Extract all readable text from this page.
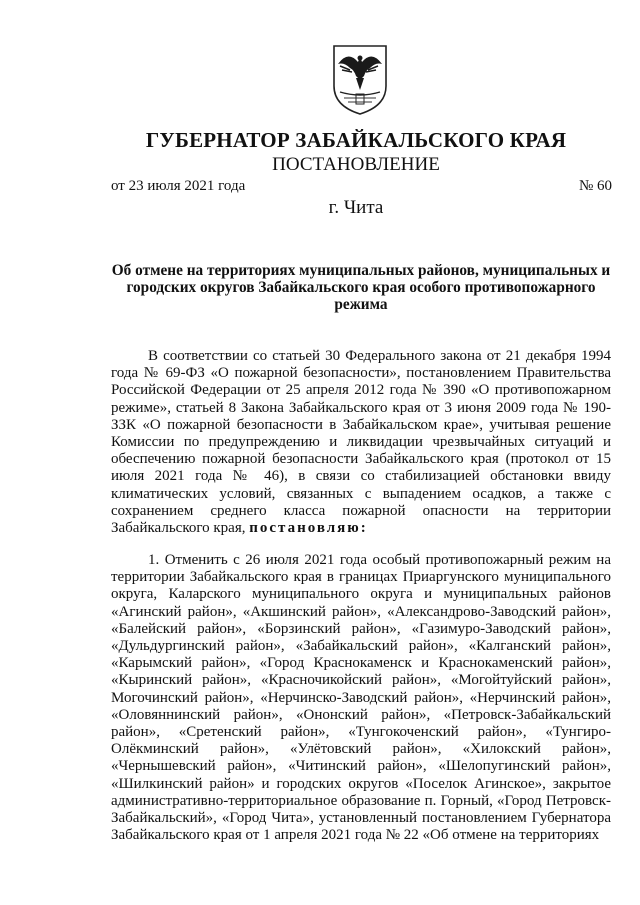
ГУБЕРНАТОР ЗАБАЙКАЛЬСКОГО КРАЯ
ПОСТАНОВЛЕНИЕ
от 23 июля 2021 года	№ 60
г. Чита
Об отмене на территориях муниципальных районов, муниципальных и городских округов Забайкальского края особого противопожарного режима
В соответствии со статьей 30 Федерального закона от 21 декабря 1994 года № 69-ФЗ «О пожарной безопасности», постановлением Правительства Российской Федерации от 25 апреля 2012 года № 390 «О противопожарном режиме», статьей 8 Закона Забайкальского края от 3 июня 2009 года № 190-ЗЗК «О пожарной безопасности в Забайкальском крае», учитывая решение Комиссии по предупреждению и ликвидации чрезвычайных ситуаций и обеспечению пожарной безопасности Забайкальского края (протокол от 15 июля 2021 года № 46), в связи со стабилизацией обстановки ввиду климатических условий, связанных с выпадением осадков, а также с сохранением среднего класса пожарной опасности на территории Забайкальского края, постановляю:
1. Отменить с 26 июля 2021 года особый противопожарный режим на территории Забайкальского края в границах Приаргунского муниципального округа, Каларского муниципального округа и муниципальных районов «Агинский район», «Акшинский район», «Александрово-Заводский район», «Балейский район», «Борзинский район», «Газимуро-Заводский район», «Дульдургинский район», «Забайкальский район», «Калганский район», «Карымский район», «Город Краснокаменск и Краснокаменский район», «Кыринский район», «Красночикойский район», «Могойтуйский район», Могочинский район», «Нерчинско-Заводский район», «Нерчинский район», «Оловяннинский район», «Ононский район», «Петровск-Забайкальский район», «Сретенский район», «Тунгокоченский район», «Тунгиро-Олёкминский район», «Улётовский район», «Хилокский район», «Чернышевский район», «Читинский район», «Шелопугинский район», «Шилкинский район» и городских округов «Поселок Агинское», закрытое административно-территориальное образование п. Горный, «Город Петровск-Забайкальский», «Город Чита», установленный постановлением Губернатора Забайкальского края от 1 апреля 2021 года № 22 «Об отмене на территориях
